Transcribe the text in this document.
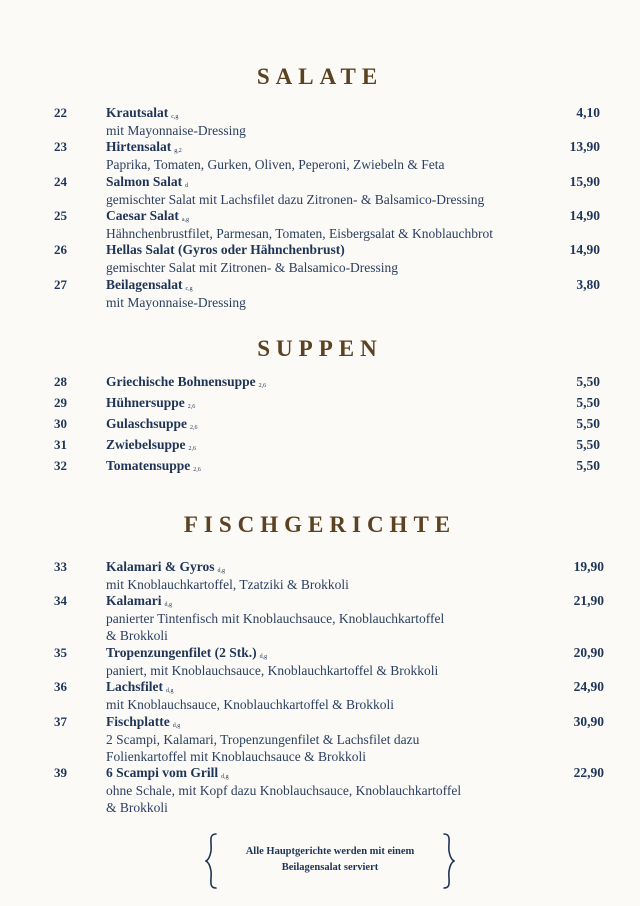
SALATE
22	Krautsalat c,g	4,10
mit Mayonnaise-Dressing
23	Hirtensalat g,2	13,90
Paprika, Tomaten, Gurken, Oliven, Peperoni, Zwiebeln & Feta
24	Salmon Salat d	15,90
gemischter Salat mit Lachsfilet dazu Zitronen- & Balsamico-Dressing
25	Caesar Salat a,g	14,90
Hähnchenbrustfilet, Parmesan, Tomaten, Eisbergsalat & Knoblauchbrot
26	Hellas Salat (Gyros oder Hähnchenbrust)	14,90
gemischter Salat mit Zitronen- & Balsamico-Dressing
27	Beilagensalat c,g	3,80
mit Mayonnaise-Dressing
SUPPEN
28	Griechische Bohnensuppe 2,6	5,50
29	Hühnersuppe 2,6	5,50
30	Gulaschsuppe 2,6	5,50
31	Zwiebelsuppe 2,6	5,50
32	Tomatensuppe 2,6	5,50
FISCHGERICHTE
33	Kalamari & Gyros d,g	19,90
mit Knoblauchkartoffel, Tzatziki & Brokkoli
34	Kalamari d,g	21,90
panierter Tintenfisch mit Knoblauchsauce, Knoblauchkartoffel
& Brokkoli
35	Tropenzungenfilet (2 Stk.) d,g	20,90
paniert, mit Knoblauchsauce, Knoblauchkartoffel & Brokkoli
36	Lachsfilet d,g	24,90
mit Knoblauchsauce, Knoblauchkartoffel & Brokkoli
37	Fischplatte d,g	30,90
2 Scampi, Kalamari, Tropenzungenfilet & Lachsfilet dazu
Folienkartoffel mit Knoblauchsauce & Brokkoli
39	6 Scampi vom Grill d,g	22,90
ohne Schale, mit Kopf dazu Knoblauchsauce, Knoblauchkartoffel
& Brokkoli
Alle Hauptgerichte werden mit einem
Beilagensalat serviert
